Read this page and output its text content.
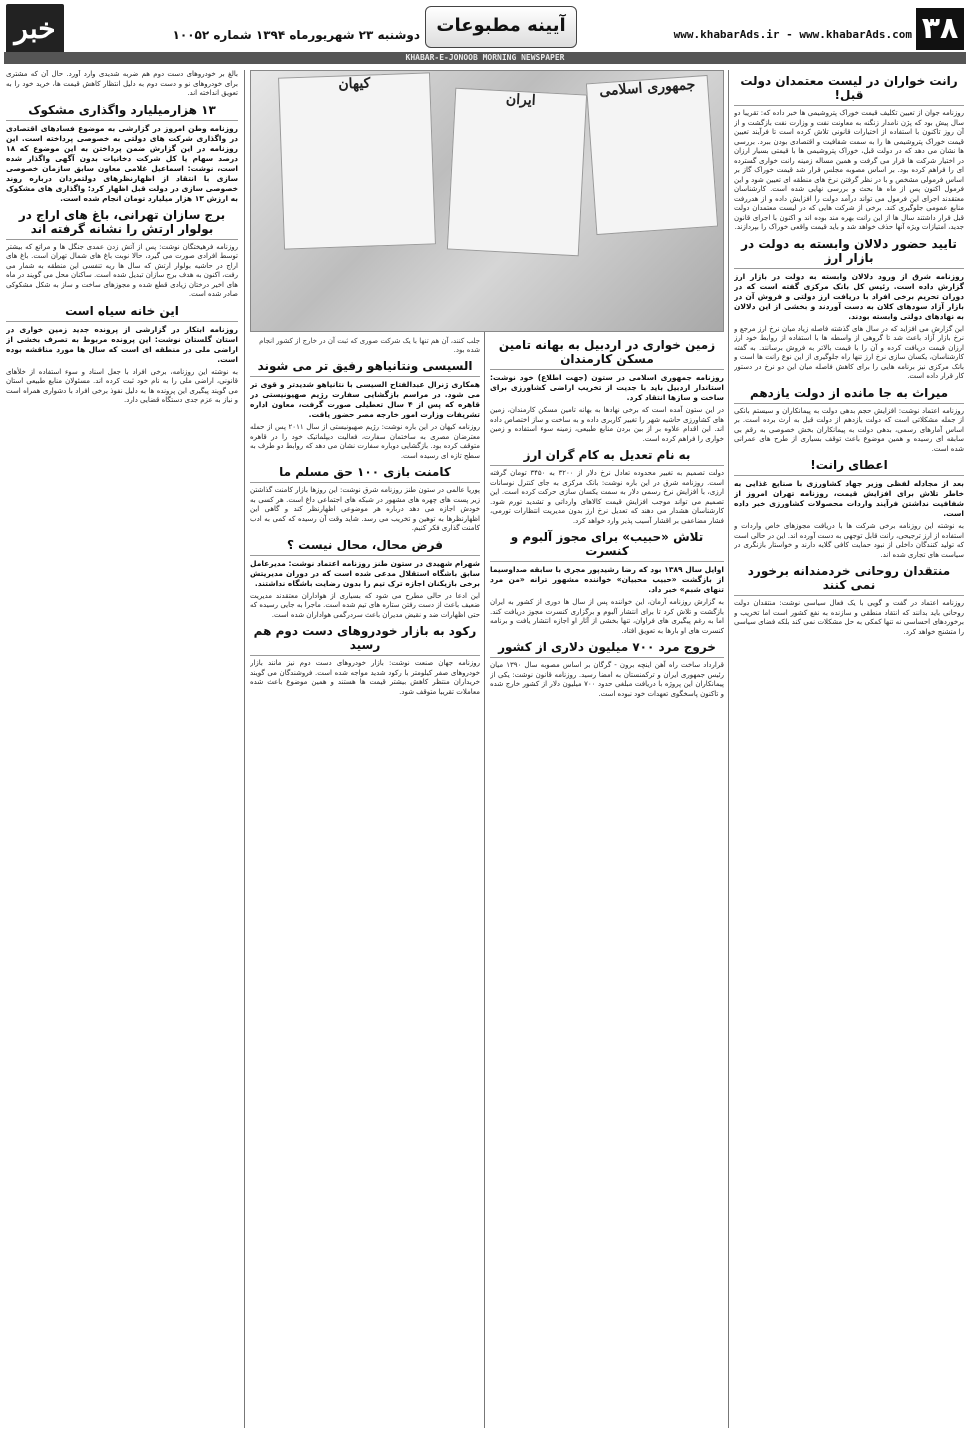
۳۸
www.khabarAds.ir - www.khabarAds.com
آیینه مطبوعات
دوشنبه ۲۳ شهریورماه ۱۳۹۴ شماره ۱۰۰۵۲
خبر
KHABAR-E-JONOOB MORNING NEWSPAPER
رانت خواران در لیست معتمدان دولت قبل!
روزنامه جوان از تعیین تکلیف قیمت خوراک پتروشیمی ها خبر داده که: تقریبا دو سال پیش بود که پژن نامدار زنگنه به معاونت نفت و وزارت نفت بازگشت و از آن روز تاکنون با استفاده از اختیارات قانونی تلاش کرده است تا فرآیند تعیین قیمت خوراک پتروشیمی ها را به سمت شفافیت و اقتصادی بودن ببرد. بررسی ها نشان می دهد که در دولت قبل، خوراک پتروشیمی ها با قیمتی بسیار ارزان در اختیار شرکت ها قرار می گرفت و همین مساله زمینه رانت خواری گسترده ای را فراهم کرده بود. بر اساس مصوبه مجلس قرار شد قیمت خوراک گاز بر اساس فرمولی مشخص و با در نظر گرفتن نرخ های منطقه ای تعیین شود و این فرمول اکنون پس از ماه ها بحث و بررسی نهایی شده است. کارشناسان معتقدند اجرای این فرمول می تواند درآمد دولت را افزایش داده و از هدررفت منابع عمومی جلوگیری کند. برخی از شرکت هایی که در لیست معتمدان دولت قبل قرار داشتند سال ها از این رانت بهره مند بوده اند و اکنون با اجرای قانون جدید، امتیازات ویژه آنها حذف خواهد شد و باید قیمت واقعی خوراک را بپردازند.
تایید حضور دلالان وابسته به دولت در بازار ارز
روزنامه شرق از ورود دلالان وابسته به دولت در بازار ارز گزارش داده است. رئیس کل بانک مرکزی گفته است که در دوران تحریم برخی افراد با دریافت ارز دولتی و فروش آن در بازار آزاد سودهای کلان به دست آوردند و بخشی از این دلالان به نهادهای دولتی وابسته بودند.
این گزارش می افزاید که در سال های گذشته فاصله زیاد میان نرخ ارز مرجع و نرخ بازار آزاد باعث شد تا گروهی از واسطه ها با استفاده از روابط خود ارز ارزان قیمت دریافت کرده و آن را با قیمت بالاتر به فروش برسانند. به گفته کارشناسان، یکسان سازی نرخ ارز تنها راه جلوگیری از این نوع رانت ها است و بانک مرکزی نیز برنامه هایی را برای کاهش فاصله میان این دو نرخ در دستور کار قرار داده است.
میراث به جا مانده از دولت یازدهم
روزنامه اعتماد نوشت: افزایش حجم بدهی دولت به پیمانکاران و سیستم بانکی از جمله مشکلاتی است که دولت یازدهم از دولت قبل به ارث برده است. بر اساس آمارهای رسمی، بدهی دولت به پیمانکاران بخش خصوصی به رقم بی سابقه ای رسیده و همین موضوع باعث توقف بسیاری از طرح های عمرانی شده است.
اعطای رانت!
بعد از مجادله لفظی وزیر جهاد کشاورزی با صنایع غذایی به خاطر تلاش برای افزایش قیمت، روزنامه تهران امروز از شفافیت نداشتن فرآیند واردات محصولات کشاورزی خبر داده است.
به نوشته این روزنامه برخی شرکت ها با دریافت مجوزهای خاص واردات و استفاده از ارز ترجیحی، رانت قابل توجهی به دست آورده اند. این در حالی است که تولید کنندگان داخلی از نبود حمایت کافی گلایه دارند و خواستار بازنگری در سیاست های تجاری شده اند.
منتقدان روحانی خردمندانه برخورد نمی کنند
روزنامه اعتماد در گفت و گویی با یک فعال سیاسی نوشت: منتقدان دولت روحانی باید بدانند که انتقاد منطقی و سازنده به نفع کشور است اما تخریب و برخوردهای احساسی نه تنها کمکی به حل مشکلات نمی کند بلکه فضای سیاسی را متشنج خواهد کرد.
جمهوری اسلامی
ایران
کیهان
زمین خواری در اردبیل به بهانه تامین مسکن کارمندان
روزنامه جمهوری اسلامی در ستون (جهت اطلاع) خود نوشت: استاندار اردبیل باید با جدیت از تخریب اراضی کشاورزی برای ساخت و سازها انتقاد کرد.
در این ستون آمده است که برخی نهادها به بهانه تامین مسکن کارمندان، زمین های کشاورزی حاشیه شهر را تغییر کاربری داده و به ساخت و ساز اختصاص داده اند. این اقدام علاوه بر از بین بردن منابع طبیعی، زمینه سوء استفاده و زمین خواری را فراهم کرده است.
به نام تعدیل به کام گران ارز
دولت تصمیم به تغییر محدوده تعادل نرخ دلار از ۳۲۰۰ به ۳۴۵۰ تومان گرفته است. روزنامه شرق در این باره نوشت: بانک مرکزی به جای کنترل نوسانات ارزی، با افزایش نرخ رسمی دلار به سمت یکسان سازی حرکت کرده است. این تصمیم می تواند موجب افزایش قیمت کالاهای وارداتی و تشدید تورم شود. کارشناسان هشدار می دهند که تعدیل نرخ ارز بدون مدیریت انتظارات تورمی، فشار مضاعفی بر اقشار آسیب پذیر وارد خواهد کرد.
تلاش «حبیب» برای مجوز آلبوم و کنسرت
اوایل سال ۱۳۸۹ بود که رضا رشیدپور مجری با سابقه صداوسیما از بازگشت «حبیب محبیان» خواننده مشهور ترانه «من مرد تنهای شبم» خبر داد.
به گزارش روزنامه آرمان، این خواننده پس از سال ها دوری از کشور به ایران بازگشت و تلاش کرد تا برای انتشار آلبوم و برگزاری کنسرت مجوز دریافت کند. اما به رغم پیگیری های فراوان، تنها بخشی از آثار او اجازه انتشار یافت و برنامه کنسرت های او بارها به تعویق افتاد.
خروج مرد ۷۰۰ میلیون دلاری از کشور
قرارداد ساخت راه آهن اینچه برون - گرگان بر اساس مصوبه سال ۱۳۹۰ میان رئیس جمهوری ایران و ترکمنستان به امضا رسید. روزنامه قانون نوشت: یکی از پیمانکاران این پروژه با دریافت مبلغی حدود ۷۰۰ میلیون دلار از کشور خارج شده و تاکنون پاسخگوی تعهدات خود نبوده است.
جلب کنند، آن هم تنها با یک شرکت صوری که ثبت آن در خارج از کشور انجام شده بود.
السیسی ونتانیاهو رفیق تر می شوند
همکاری ژنرال عبدالفتاح السیسی با نتانیاهو شدیدتر و قوی تر می شود. در مراسم بازگشایی سفارت رژیم صهیونیستی در قاهره که پس از ۴ سال تعطیلی صورت گرفت، معاون اداره تشریفات وزارت امور خارجه مصر حضور یافت.
روزنامه کیهان در این باره نوشت: رژیم صهیونیستی از سال ۲۰۱۱ پس از حمله معترضان مصری به ساختمان سفارت، فعالیت دیپلماتیک خود را در قاهره متوقف کرده بود. بازگشایی دوباره سفارت نشان می دهد که روابط دو طرف به سطح تازه ای رسیده است.
کامنت بازی ۱۰۰ حق مسلم ما
پوریا عالمی در ستون طنز روزنامه شرق نوشت: این روزها بازار کامنت گذاشتن زیر پست های چهره های مشهور در شبکه های اجتماعی داغ است. هر کسی به خودش اجازه می دهد درباره هر موضوعی اظهارنظر کند و گاهی این اظهارنظرها به توهین و تخریب می رسد. شاید وقت آن رسیده که کمی به ادب کامنت گذاری فکر کنیم.
فرض محال، محال نیست ؟
شهرام شهیدی در ستون طنز روزنامه اعتماد نوشت: مدیرعامل سابق باشگاه استقلال مدعی شده است که در دوران مدیریتش برخی بازیکنان اجازه ترک تیم را بدون رضایت باشگاه نداشتند.
این ادعا در حالی مطرح می شود که بسیاری از هواداران معتقدند مدیریت ضعیف باعث از دست رفتن ستاره های تیم شده است. ماجرا به جایی رسیده که حتی اظهارات ضد و نقیض مدیران باعث سردرگمی هواداران شده است.
رکود به بازار خودروهای دست دوم هم رسید
روزنامه جهان صنعت نوشت: بازار خودروهای دست دوم نیز مانند بازار خودروهای صفر کیلومتر با رکود شدید مواجه شده است. فروشندگان می گویند خریداران منتظر کاهش بیشتر قیمت ها هستند و همین موضوع باعث شده معاملات تقریبا متوقف شود.
بالغ بر خودروهای دست دوم هم ضربه شدیدی وارد آورد. حال آن که مشتری برای خودروهای نو و دست دوم به دلیل انتظار کاهش قیمت ها، خرید خود را به تعویق انداخته اند.
۱۳ هزارمیلیارد واگذاری مشکوک
روزنامه وطن امروز در گزارشی به موضوع فسادهای اقتصادی در واگذاری شرکت های دولتی به خصوصی پرداخته است. این روزنامه در این گزارش ضمن پرداختن به این موضوع که ۱۸ درصد سهام یا کل شرکت دخانیات بدون آگهی واگذار شده است، نوشت: اسماعیل غلامی معاون سابق سازمان خصوصی سازی با انتقاد از اظهارنظرهای دولتمردان درباره روند خصوصی سازی در دولت قبل اظهار کرد: واگذاری های مشکوک به ارزش ۱۳ هزار میلیارد تومان انجام شده است.
برج سازان تهرانی، باغ های اراج در بولوار ارتش را نشانه گرفته اند
روزنامه فرهیختگان نوشت: پس از آتش زدن عمدی جنگل ها و مراتع که بیشتر توسط افرادی صورت می گیرد، حالا نوبت باغ های شمال تهران است. باغ های اراج در حاشیه بولوار ارتش که سال ها ریه تنفسی این منطقه به شمار می رفت، اکنون به هدف برج سازان تبدیل شده است. ساکنان محل می گویند در ماه های اخیر درختان زیادی قطع شده و مجوزهای ساخت و ساز به شکل مشکوکی صادر شده است.
این خانه سیاه است
روزنامه ابتکار در گزارشی از پرونده جدید زمین خواری در استان گلستان نوشت: این پرونده مربوط به تصرف بخشی از اراضی ملی در منطقه ای است که سال ها مورد مناقشه بوده است.
به نوشته این روزنامه، برخی افراد با جعل اسناد و سوء استفاده از خلأهای قانونی، اراضی ملی را به نام خود ثبت کرده اند. مسئولان منابع طبیعی استان می گویند پیگیری این پرونده ها به دلیل نفوذ برخی افراد با دشواری همراه است و نیاز به عزم جدی دستگاه قضایی دارد.
